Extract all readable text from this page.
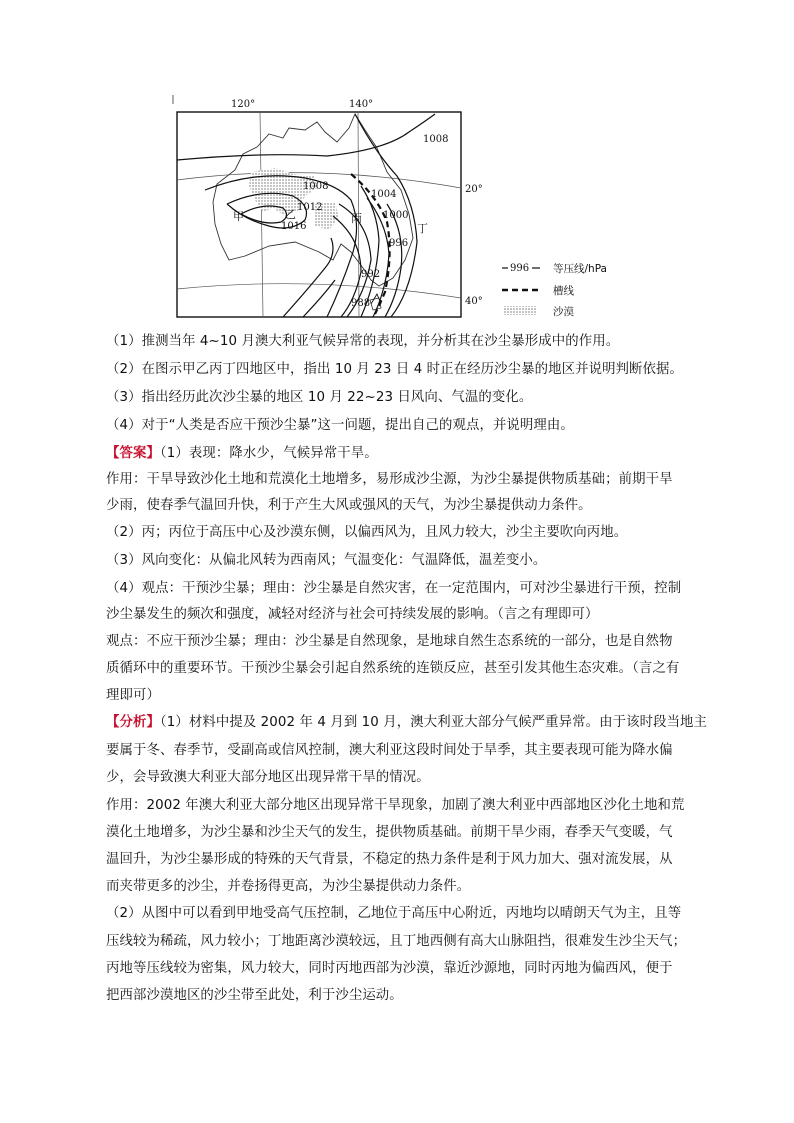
120°	140°
20°
40°
1008
1008
1004
1012
1016
1000
996
992
988
甲	乙	丙
丁
996 等压线/hPa
槽线
沙漠
（1）推测当年 4~10 月澳大利亚气候异常的表现，并分析其在沙尘暴形成中的作用。
（2）在图示甲乙丙丁四地区中，指出 10 月 23 日 4 时正在经历沙尘暴的地区并说明判断依据。
（3）指出经历此次沙尘暴的地区 10 月 22~23 日风向、气温的变化。
（4）对于“人类是否应干预沙尘暴”这一问题，提出自己的观点，并说明理由。
【答案】（1）表现：降水少，气候异常干旱。
作用：干旱导致沙化土地和荒漠化土地增多，易形成沙尘源，为沙尘暴提供物质基础；前期干旱
少雨，使春季气温回升快，利于产生大风或强风的天气，为沙尘暴提供动力条件。
（2）丙；丙位于高压中心及沙漠东侧，以偏西风为，且风力较大，沙尘主要吹向丙地。
（3）风向变化：从偏北风转为西南风；气温变化：气温降低，温差变小。
（4）观点：干预沙尘暴；理由：沙尘暴是自然灾害，在一定范围内，可对沙尘暴进行干预，控制
沙尘暴发生的频次和强度，减轻对经济与社会可持续发展的影响。（言之有理即可）
观点：不应干预沙尘暴；理由：沙尘暴是自然现象，是地球自然生态系统的一部分，也是自然物
质循环中的重要环节。干预沙尘暴会引起自然系统的连锁反应，甚至引发其他生态灾难。（言之有
理即可）
【分析】（1）材料中提及 2002 年 4 月到 10 月，澳大利亚大部分气候严重异常。由于该时段当地主
要属于冬、春季节，受副高或信风控制，澳大利亚这段时间处于旱季，其主要表现可能为降水偏
少，会导致澳大利亚大部分地区出现异常干旱的情况。
作用：2002 年澳大利亚大部分地区出现异常干旱现象，加剧了澳大利亚中西部地区沙化土地和荒
漠化土地增多，为沙尘暴和沙尘天气的发生，提供物质基础。前期干旱少雨，春季天气变暖，气
温回升，为沙尘暴形成的特殊的天气背景，不稳定的热力条件是利于风力加大、强对流发展，从
而夹带更多的沙尘，并卷扬得更高，为沙尘暴提供动力条件。
（2）从图中可以看到甲地受高气压控制，乙地位于高压中心附近，丙地均以晴朗天气为主，且等
压线较为稀疏，风力较小；丁地距离沙漠较远，且丁地西侧有高大山脉阻挡，很难发生沙尘天气；
丙地等压线较为密集，风力较大，同时丙地西部为沙漠，靠近沙源地，同时丙地为偏西风，便于
把西部沙漠地区的沙尘带至此处，利于沙尘运动。
